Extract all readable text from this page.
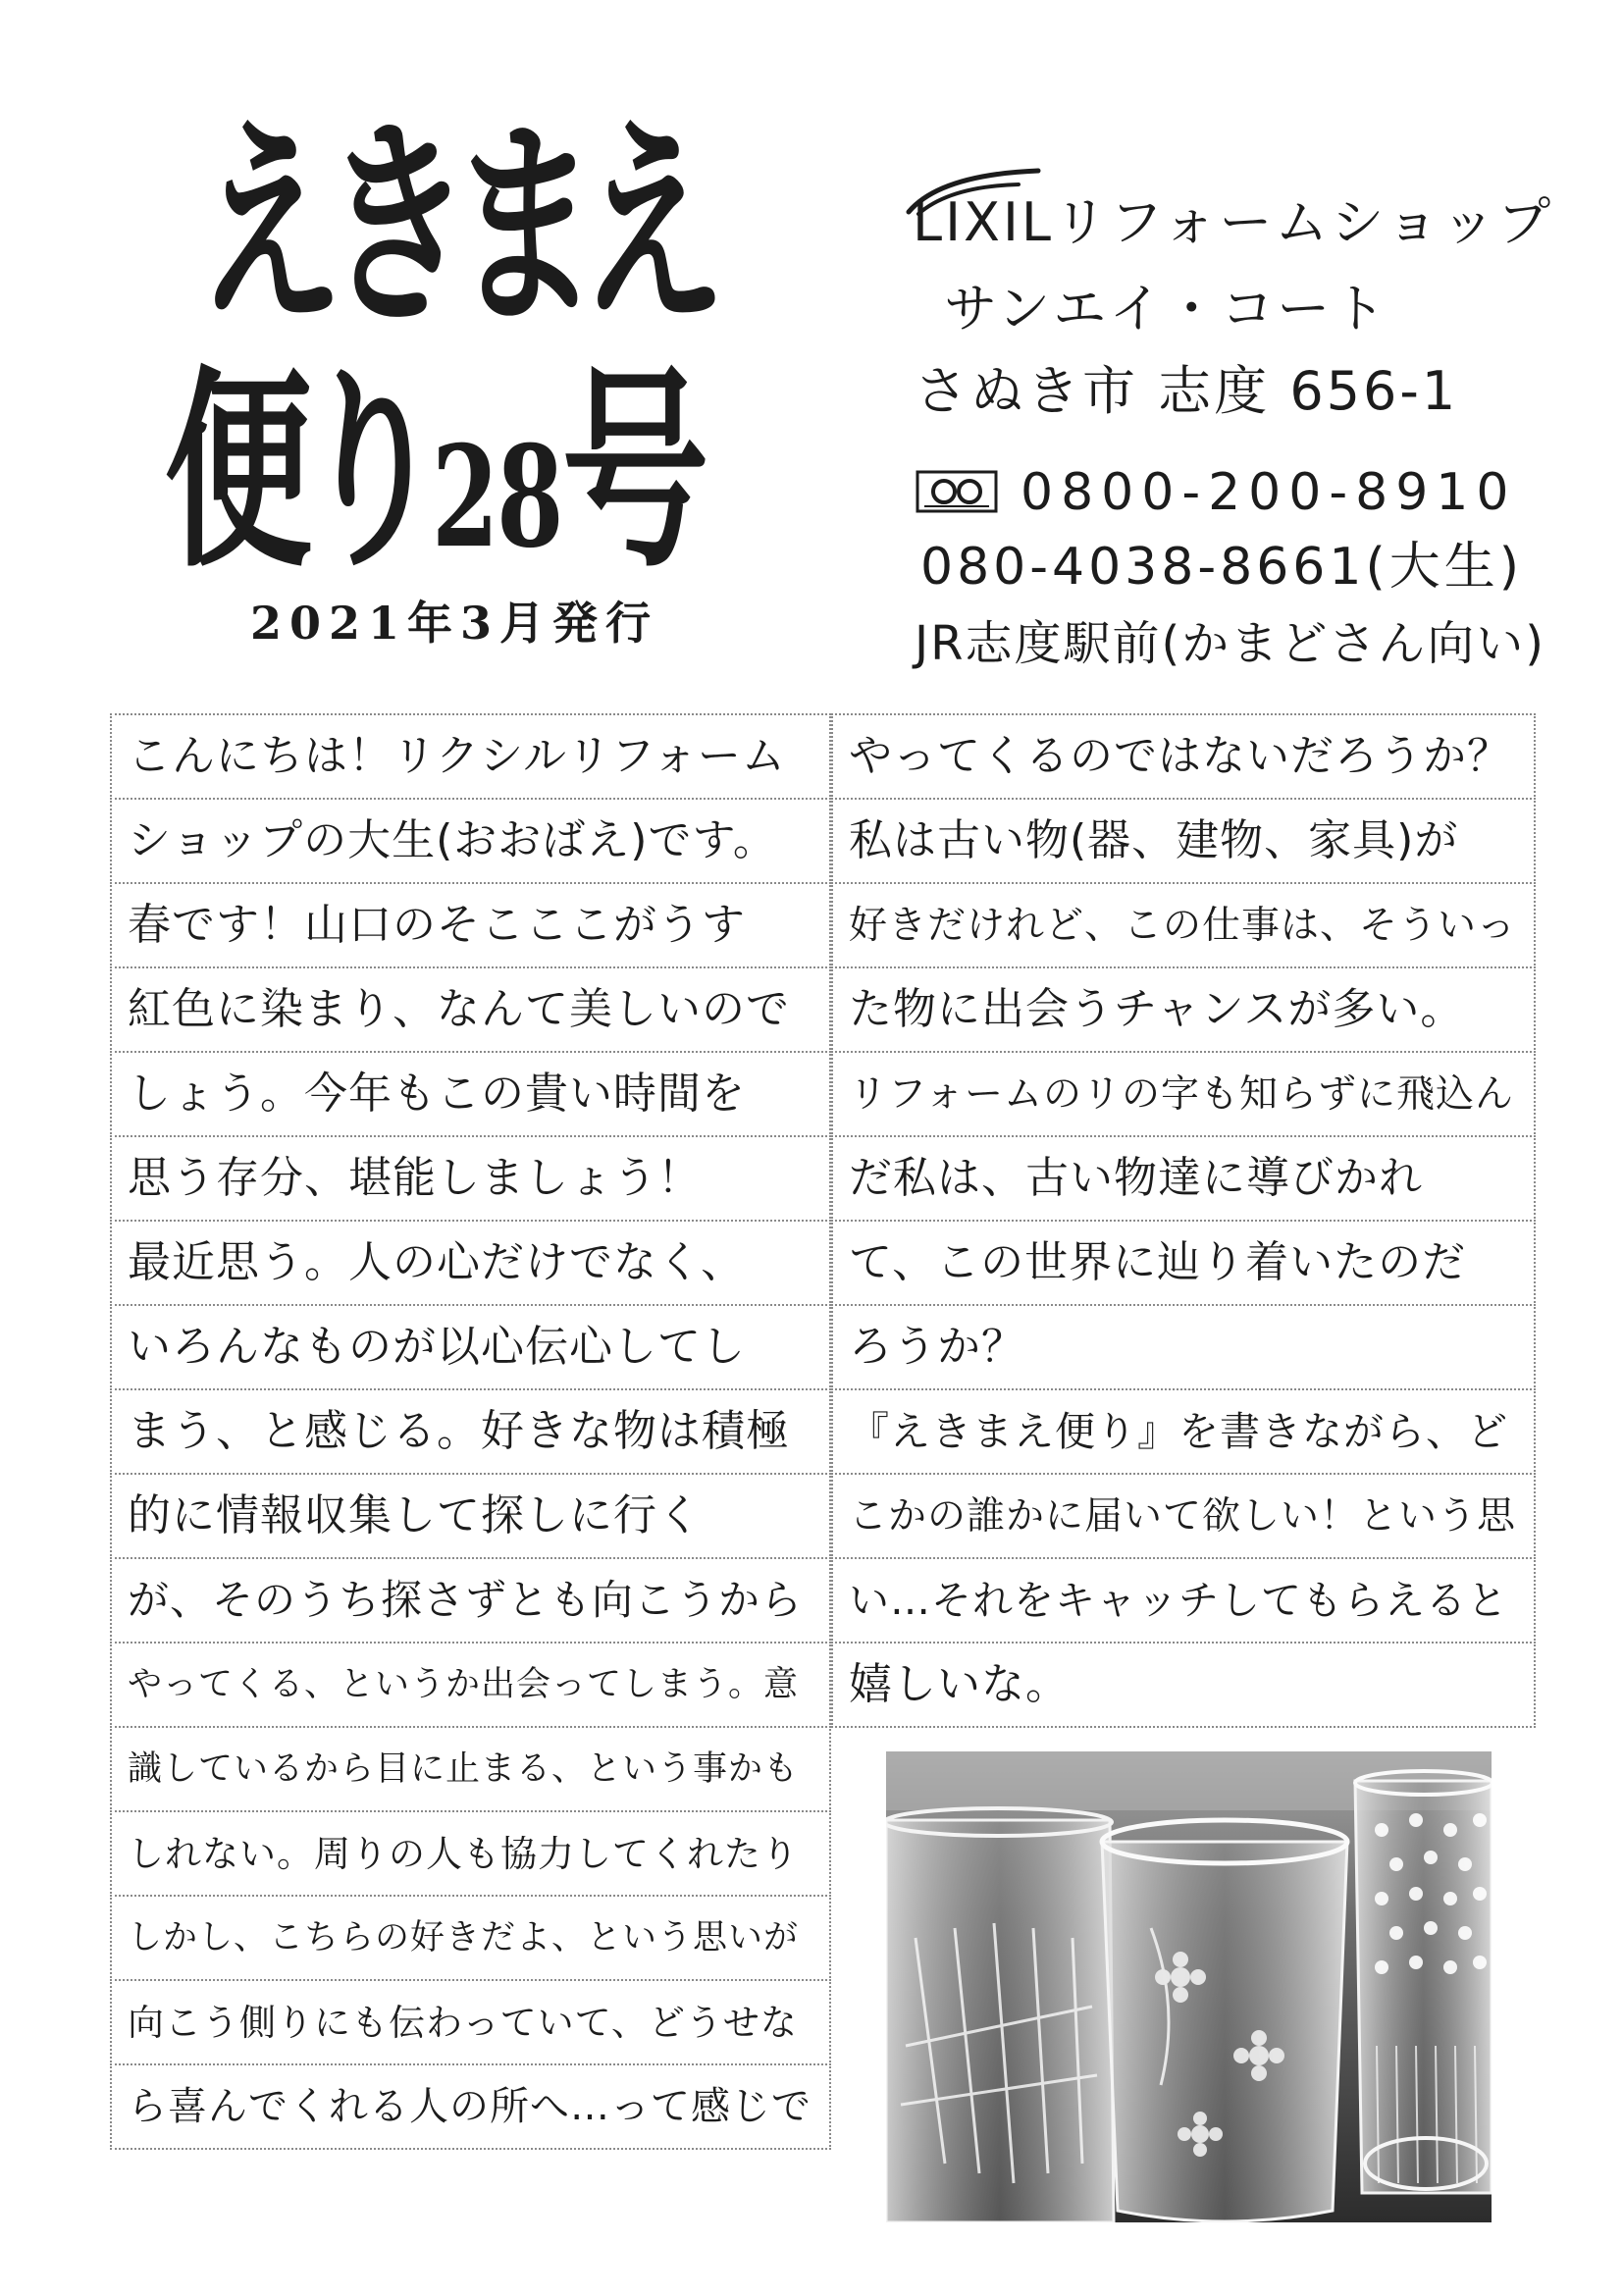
えきまえ
便り28号
2021年3月発行
LIXILリフォームショップ
サンエイ・コート
さぬき市 志度 656-1
0800-200-8910
080-4038-8661(大生)
JR志度駅前(かまどさん向い)
こんにちは！リクシルリフォーム
ショップの大生(おおばえ)です。
春です！山口のそこここがうす
紅色に染まり、なんて美しいので
しょう。今年もこの貴い時間を
思う存分、堪能しましょう！
最近思う。人の心だけでなく、
いろんなものが以心伝心してし
まう、と感じる。好きな物は積極
的に情報収集して探しに行く
が、そのうち探さずとも向こうから
やってくる、というか出会ってしまう。意
識しているから目に止まる、という事かも
しれない。周りの人も協力してくれたり
しかし、こちらの好きだよ、という思いが
向こう側りにも伝わっていて、どうせな
ら喜んでくれる人の所へ…って感じで
やってくるのではないだろうか？
私は古い物(器、建物、家具)が
好きだけれど、この仕事は、そういっ
た物に出会うチャンスが多い。
リフォームのリの字も知らずに飛込ん
だ私は、古い物達に導びかれ
て、この世界に辿り着いたのだ
ろうか？
『えきまえ便り』を書きながら、ど
こかの誰かに届いて欲しい！という思
い…それをキャッチしてもらえると
嬉しいな。
